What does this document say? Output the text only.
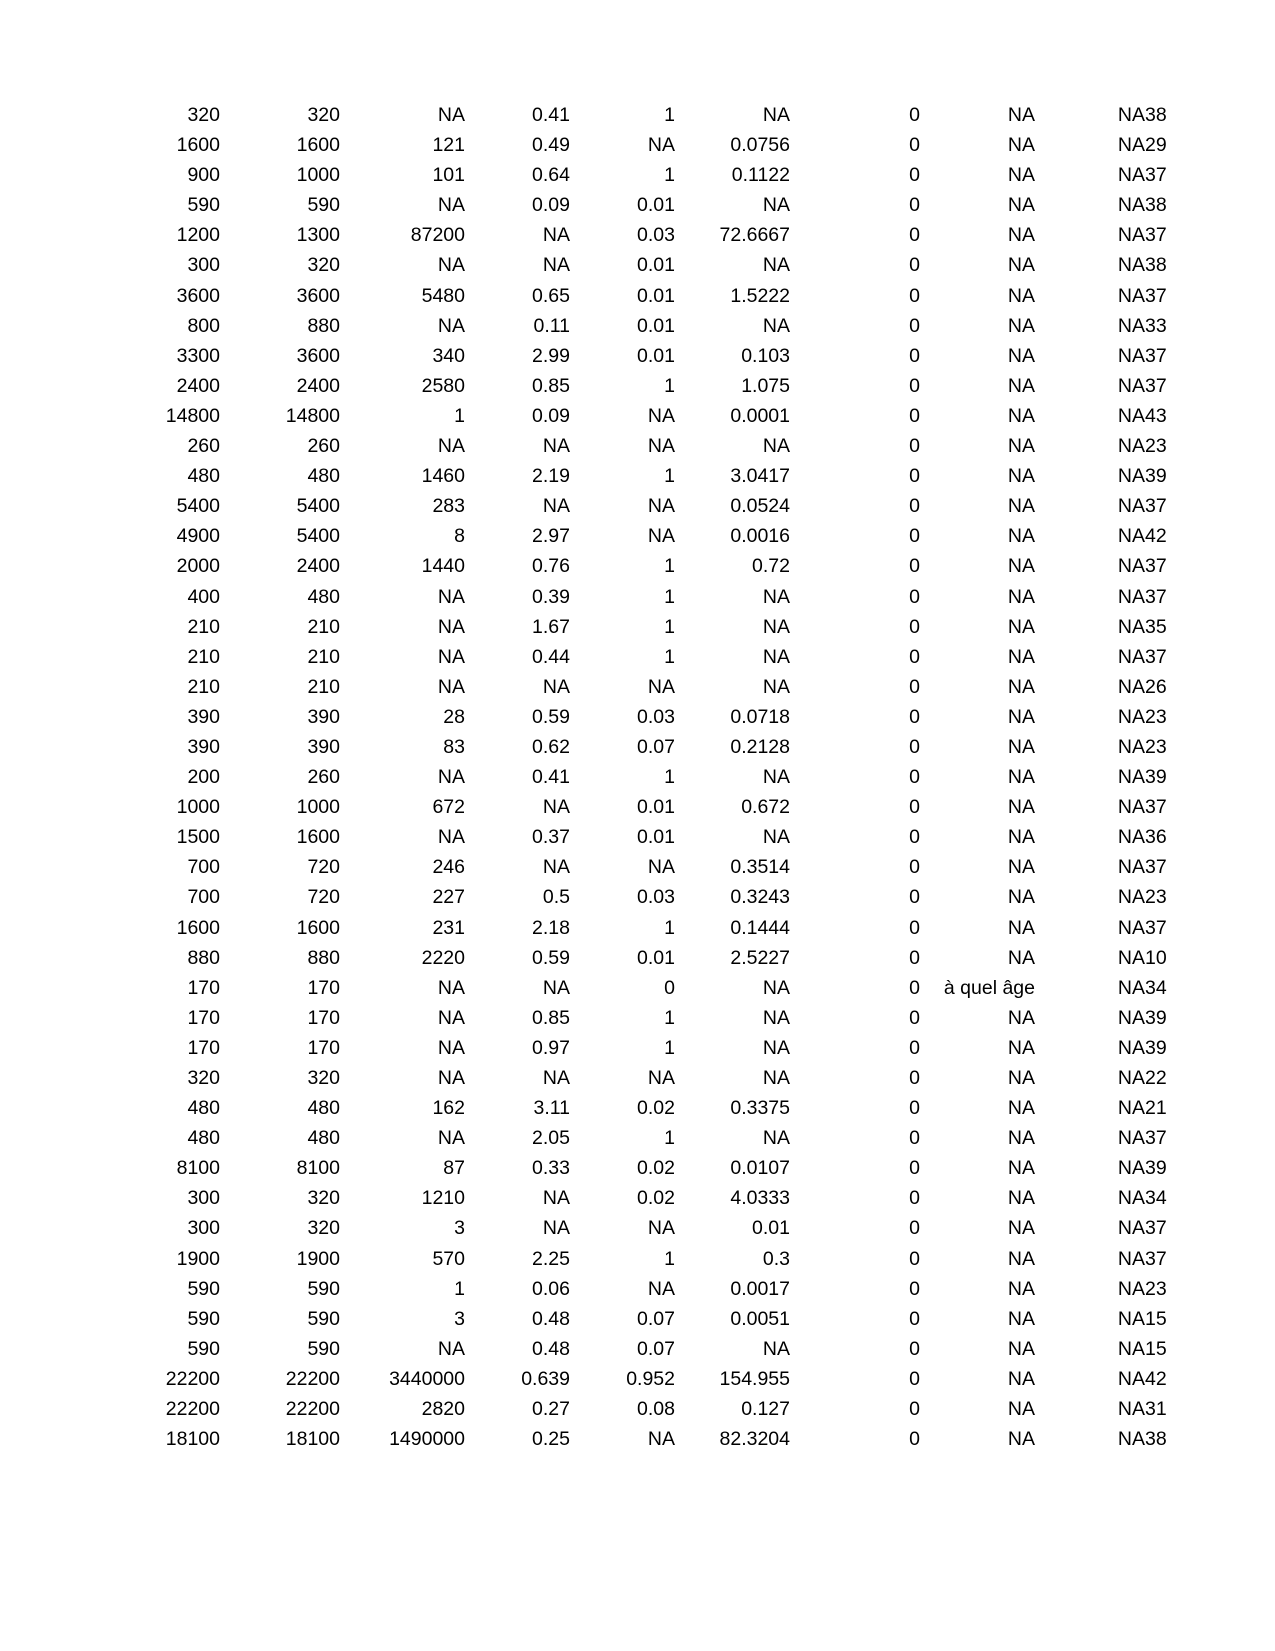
320	320	NA	0.41	1	NA	0	NA	NA	38
1600	1600	121	0.49	NA	0.0756	0	NA	NA	29
900	1000	101	0.64	1	0.1122	0	NA	NA	37
590	590	NA	0.09	0.01	NA	0	NA	NA	38
1200	1300	87200	NA	0.03	72.6667	0	NA	NA	37
300	320	NA	NA	0.01	NA	0	NA	NA	38
3600	3600	5480	0.65	0.01	1.5222	0	NA	NA	37
800	880	NA	0.11	0.01	NA	0	NA	NA	33
3300	3600	340	2.99	0.01	0.103	0	NA	NA	37
2400	2400	2580	0.85	1	1.075	0	NA	NA	37
14800	14800	1	0.09	NA	0.0001	0	NA	NA	43
260	260	NA	NA	NA	NA	0	NA	NA	23
480	480	1460	2.19	1	3.0417	0	NA	NA	39
5400	5400	283	NA	NA	0.0524	0	NA	NA	37
4900	5400	8	2.97	NA	0.0016	0	NA	NA	42
2000	2400	1440	0.76	1	0.72	0	NA	NA	37
400	480	NA	0.39	1	NA	0	NA	NA	37
210	210	NA	1.67	1	NA	0	NA	NA	35
210	210	NA	0.44	1	NA	0	NA	NA	37
210	210	NA	NA	NA	NA	0	NA	NA	26
390	390	28	0.59	0.03	0.0718	0	NA	NA	23
390	390	83	0.62	0.07	0.2128	0	NA	NA	23
200	260	NA	0.41	1	NA	0	NA	NA	39
1000	1000	672	NA	0.01	0.672	0	NA	NA	37
1500	1600	NA	0.37	0.01	NA	0	NA	NA	36
700	720	246	NA	NA	0.3514	0	NA	NA	37
700	720	227	0.5	0.03	0.3243	0	NA	NA	23
1600	1600	231	2.18	1	0.1444	0	NA	NA	37
880	880	2220	0.59	0.01	2.5227	0	NA	NA	10
170	170	NA	NA	0	NA	0	à quel âge	NA	34
170	170	NA	0.85	1	NA	0	NA	NA	39
170	170	NA	0.97	1	NA	0	NA	NA	39
320	320	NA	NA	NA	NA	0	NA	NA	22
480	480	162	3.11	0.02	0.3375	0	NA	NA	21
480	480	NA	2.05	1	NA	0	NA	NA	37
8100	8100	87	0.33	0.02	0.0107	0	NA	NA	39
300	320	1210	NA	0.02	4.0333	0	NA	NA	34
300	320	3	NA	NA	0.01	0	NA	NA	37
1900	1900	570	2.25	1	0.3	0	NA	NA	37
590	590	1	0.06	NA	0.0017	0	NA	NA	23
590	590	3	0.48	0.07	0.0051	0	NA	NA	15
590	590	NA	0.48	0.07	NA	0	NA	NA	15
22200	22200	3440000	0.639	0.952	154.955	0	NA	NA	42
22200	22200	2820	0.27	0.08	0.127	0	NA	NA	31
18100	18100	1490000	0.25	NA	82.3204	0	NA	NA	38
